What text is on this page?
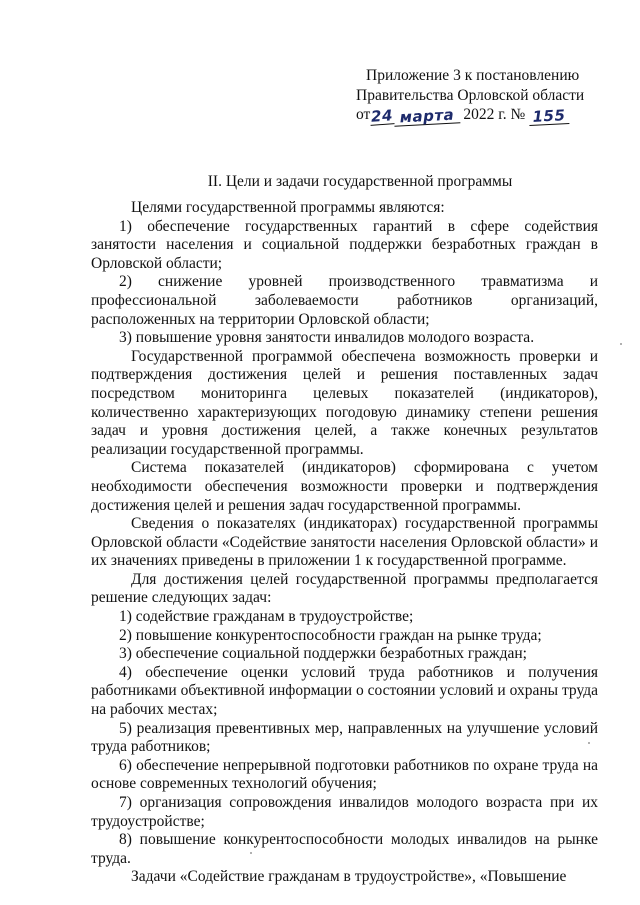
Приложение 3 к постановлению
Правительства Орловской области
от 24 марта 2022 г. № 155
II. Цели и задачи государственной программы

Целями государственной программы являются:

1) обеспечение государственных гарантий в сфере содействия занятости населения и социальной поддержки безработных граждан в Орловской области;

2) снижение уровней производственного травматизма и профессиональной заболеваемости работников организаций, расположенных на территории Орловской области;

3) повышение уровня занятости инвалидов молодого возраста.

Государственной программой обеспечена возможность проверки и подтверждения достижения целей и решения поставленных задач посредством мониторинга целевых показателей (индикаторов), количественно характеризующих погодовую динамику степени решения задач и уровня достижения целей, а также конечных результатов реализации государственной программы.

Система показателей (индикаторов) сформирована с учетом необходимости обеспечения возможности проверки и подтверждения достижения целей и решения задач государственной программы.

Сведения о показателях (индикаторах) государственной программы Орловской области «Содействие занятости населения Орловской области» и их значениях приведены в приложении 1 к государственной программе.

Для достижения целей государственной программы предполагается решение следующих задач:

1) содействие гражданам в трудоустройстве;

2) повышение конкурентоспособности граждан на рынке труда;

3) обеспечение социальной поддержки безработных граждан;

4) обеспечение оценки условий труда работников и получения работниками объективной информации о состоянии условий и охраны труда на рабочих местах;

5) реализация превентивных мер, направленных на улучшение условий труда работников;

6) обеспечение непрерывной подготовки работников по охране труда на основе современных технологий обучения;

7) организация сопровождения инвалидов молодого возраста при их трудоустройстве;

8) повышение конкурентоспособности молодых инвалидов на рынке труда.

Задачи «Содействие гражданам в трудоустройстве», «Повышение
